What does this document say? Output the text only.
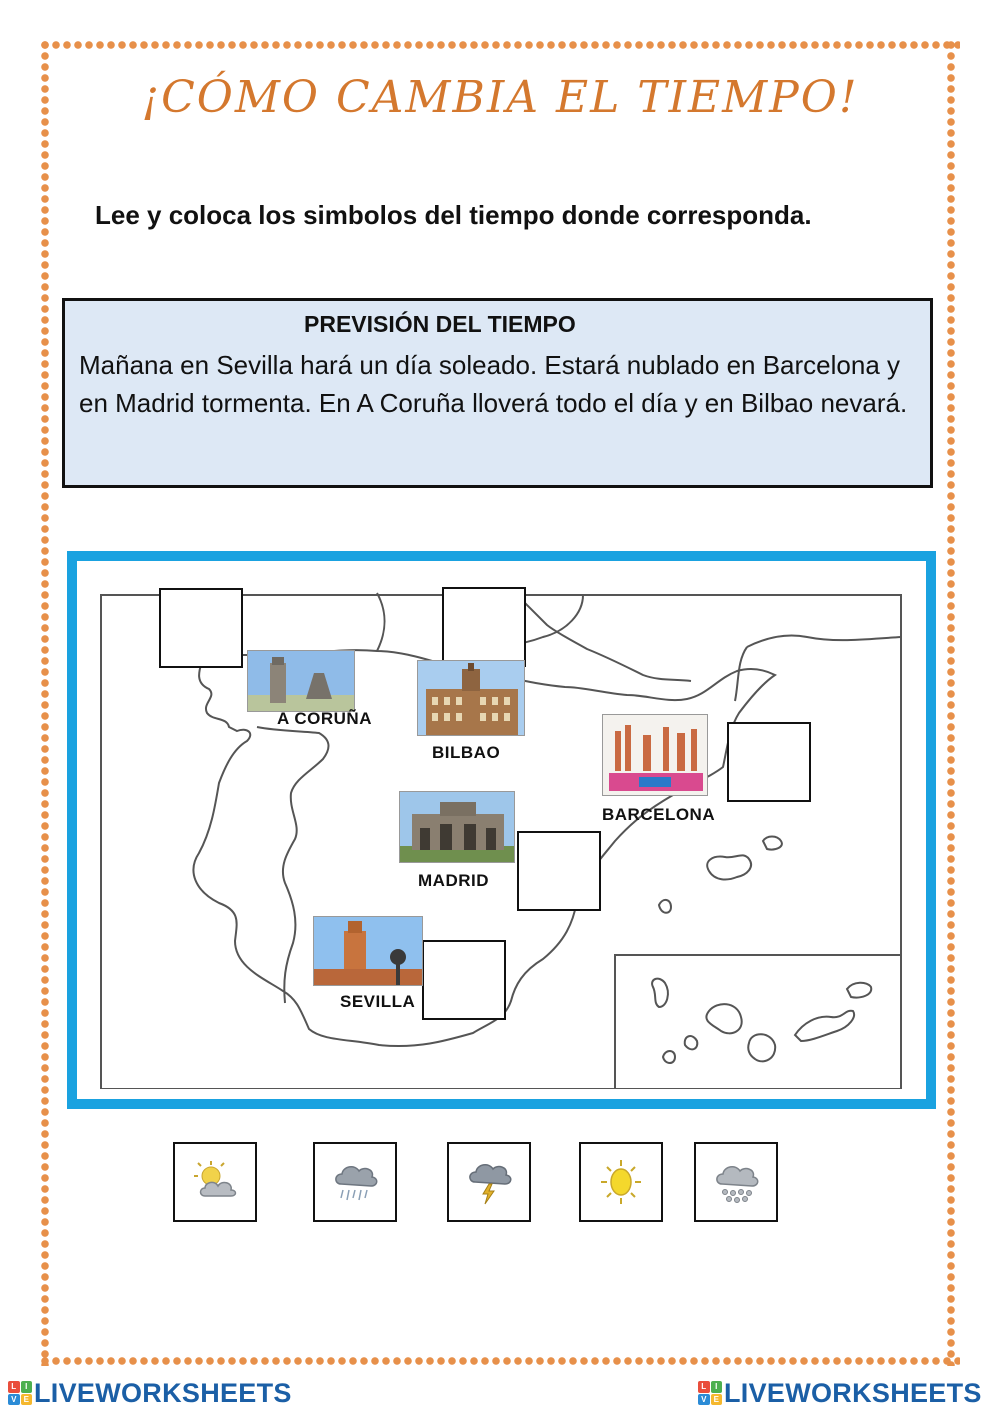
¡CÓMO CAMBIA EL TIEMPO!
Lee y coloca los simbolos del tiempo donde corresponda.
PREVISIÓN DEL TIEMPO
Mañana en Sevilla hará un día soleado. Estará nublado en Barcelona y en Madrid tormenta. En A Coruña lloverá todo el día y en Bilbao nevará.
A CORUÑA
BILBAO
BARCELONA
MADRID
SEVILLA
L	I
V E LIVEWORKSHEETS	L	I
V E LIVEWORKSHEETS
